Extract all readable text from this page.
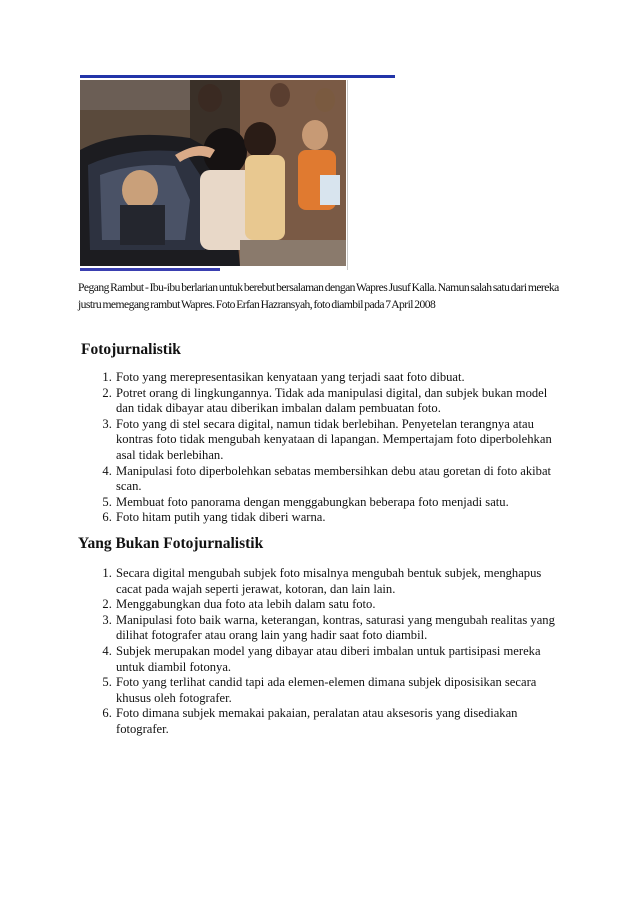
Pegang Rambut - Ibu-ibu berlarian untuk berebut bersalaman dengan Wapres Jusuf Kalla. Namun salah satu dari mereka justru memegang rambut Wapres. Foto Erfan Hazransyah, foto diambil pada 7 April 2008

Fotojurnalistik
1. Foto yang merepresentasikan kenyataan yang terjadi saat foto dibuat.
2. Potret orang di lingkungannya. Tidak ada manipulasi digital, dan subjek bukan model dan tidak dibayar atau diberikan imbalan dalam pembuatan foto.
3. Foto yang di stel secara digital, namun tidak berlebihan. Penyetelan terangnya atau kontras foto tidak mengubah kenyataan di lapangan. Mempertajam foto diperbolehkan asal tidak berlebihan.
4. Manipulasi foto diperbolehkan sebatas membersihkan debu atau goretan di foto akibat scan.
5. Membuat foto panorama dengan menggabungkan beberapa foto menjadi satu.
6. Foto hitam putih yang tidak diberi warna.
Yang Bukan Fotojurnalistik
1. Secara digital mengubah subjek foto misalnya mengubah bentuk subjek, menghapus cacat pada wajah seperti jerawat, kotoran, dan lain lain.
2. Menggabungkan dua foto ata lebih dalam satu foto.
3. Manipulasi foto baik warna, keterangan, kontras, saturasi yang mengubah realitas yang dilihat fotografer atau orang lain yang hadir saat foto diambil.
4. Subjek merupakan model yang dibayar atau diberi imbalan untuk partisipasi mereka untuk diambil fotonya.
5. Foto yang terlihat candid tapi ada elemen-elemen dimana subjek diposisikan secara khusus oleh fotografer.
6. Foto dimana subjek memakai pakaian, peralatan atau aksesoris yang disediakan fotografer.
